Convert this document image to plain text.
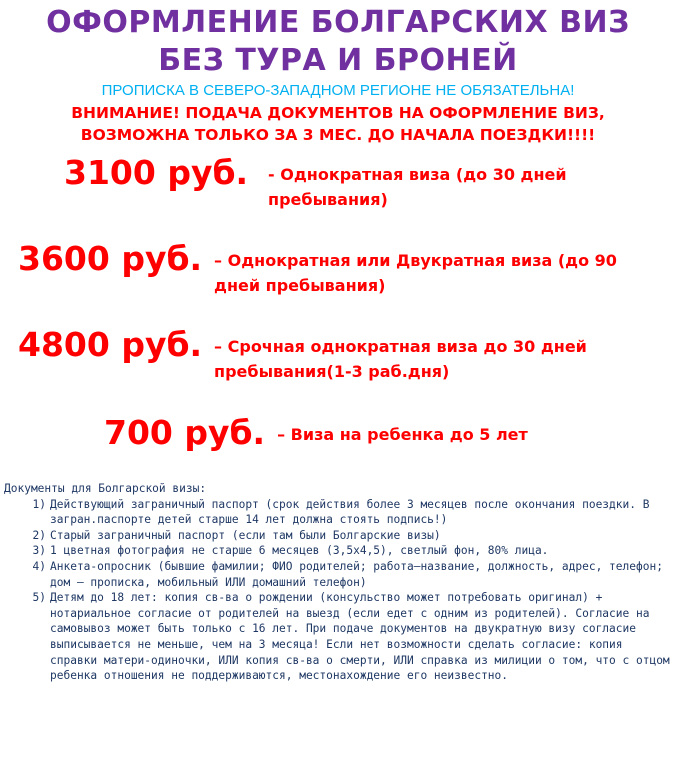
ОФОРМЛЕНИЕ БОЛГАРСКИХ ВИЗ
БЕЗ ТУРА И БРОНЕЙ
ПРОПИСКА В СЕВЕРО-ЗАПАДНОМ РЕГИОНЕ НЕ ОБЯЗАТЕЛЬНА!
ВНИМАНИЕ! ПОДАЧА ДОКУМЕНТОВ НА ОФОРМЛЕНИЕ ВИЗ,
ВОЗМОЖНА ТОЛЬКО ЗА 3 МЕС. ДО НАЧАЛА ПОЕЗДКИ!!!!
3100 руб. - Однократная виза (до 30 дней пребывания)
3600 руб. – Однократная или Двукратная виза (до 90 дней пребывания)
4800 руб. – Срочная однократная виза до 30 дней пребывания(1-3 раб.дня)
700 руб. – Виза на ребенка до 5 лет
Документы для Болгарской визы:
1) Действующий заграничный паспорт (срок действия более 3 месяцев после окончания поездки. В загран.паспорте детей старше 14 лет должна стоять подпись!)
2) Старый заграничный паспорт (если там были Болгарские визы)
3) 1 цветная фотография не старше 6 месяцев (3,5х4,5), светлый фон, 80% лица.
4) Анкета-опросник (бывшие фамилии; ФИО родителей; работа–название, должность, адрес, телефон; дом – прописка, мобильный ИЛИ домашний телефон)
5) Детям до 18 лет: копия св-ва о рождении (консульство может потребовать оригинал) + нотариальное согласие от родителей на выезд (если едет с одним из родителей). Согласие на самовывоз может быть только с 16 лет. При подаче документов на двукратную визу согласие выписывается не меньше, чем на 3 месяца! Если нет возможности сделать согласие: копия справки матери-одиночки, ИЛИ копия св-ва о смерти, ИЛИ справка из милиции о том, что с отцом ребенка отношения не поддерживаются, местонахождение его неизвестно.
